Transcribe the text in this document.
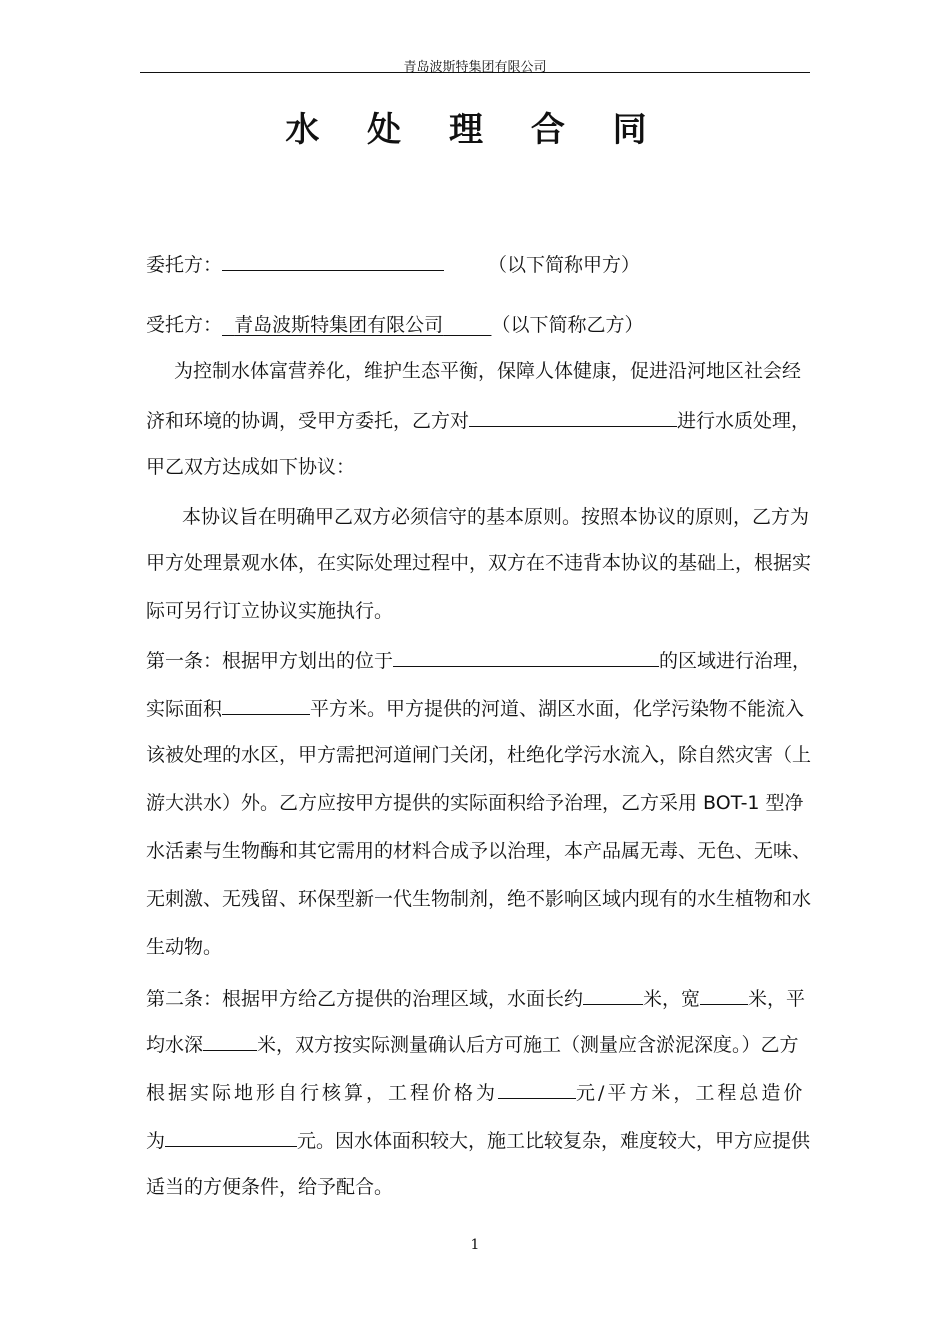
青岛波斯特集团有限公司
水 处 理 合 同
委托方：	（以下简称甲方）
受托方： 青岛波斯特集团有限公司	（以下简称乙方）
为控制水体富营养化，维护生态平衡，保障人体健康，促进沿河地区社会经
济和环境的协调，受甲方委托，乙方对	进行水质处理，
甲乙双方达成如下协议：
本协议旨在明确甲乙双方必须信守的基本原则。按照本协议的原则，乙方为
甲方处理景观水体，在实际处理过程中，双方在不违背本协议的基础上，根据实
际可另行订立协议实施执行。
第一条：根据甲方划出的位于	的区域进行治理，
实际面积	平方米。甲方提供的河道、湖区水面，化学污染物不能流入
该被处理的水区，甲方需把河道闸门关闭，杜绝化学污水流入，除自然灾害（上
游大洪水）外。乙方应按甲方提供的实际面积给予治理，乙方采用 BOT-1 型净
水活素与生物酶和其它需用的材料合成予以治理，本产品属无毒、无色、无味、
无刺激、无残留、环保型新一代生物制剂，绝不影响区域内现有的水生植物和水
生动物。
第二条：根据甲方给乙方提供的治理区域，水面长约	米，宽	米，平
均水深	米，双方按实际测量确认后方可施工（测量应含淤泥深度。）乙方
根据实际地形自行核算，工程价格为	元/平方米，工程总造价
为	元。因水体面积较大，施工比较复杂，难度较大，甲方应提供
适当的方便条件，给予配合。
1
